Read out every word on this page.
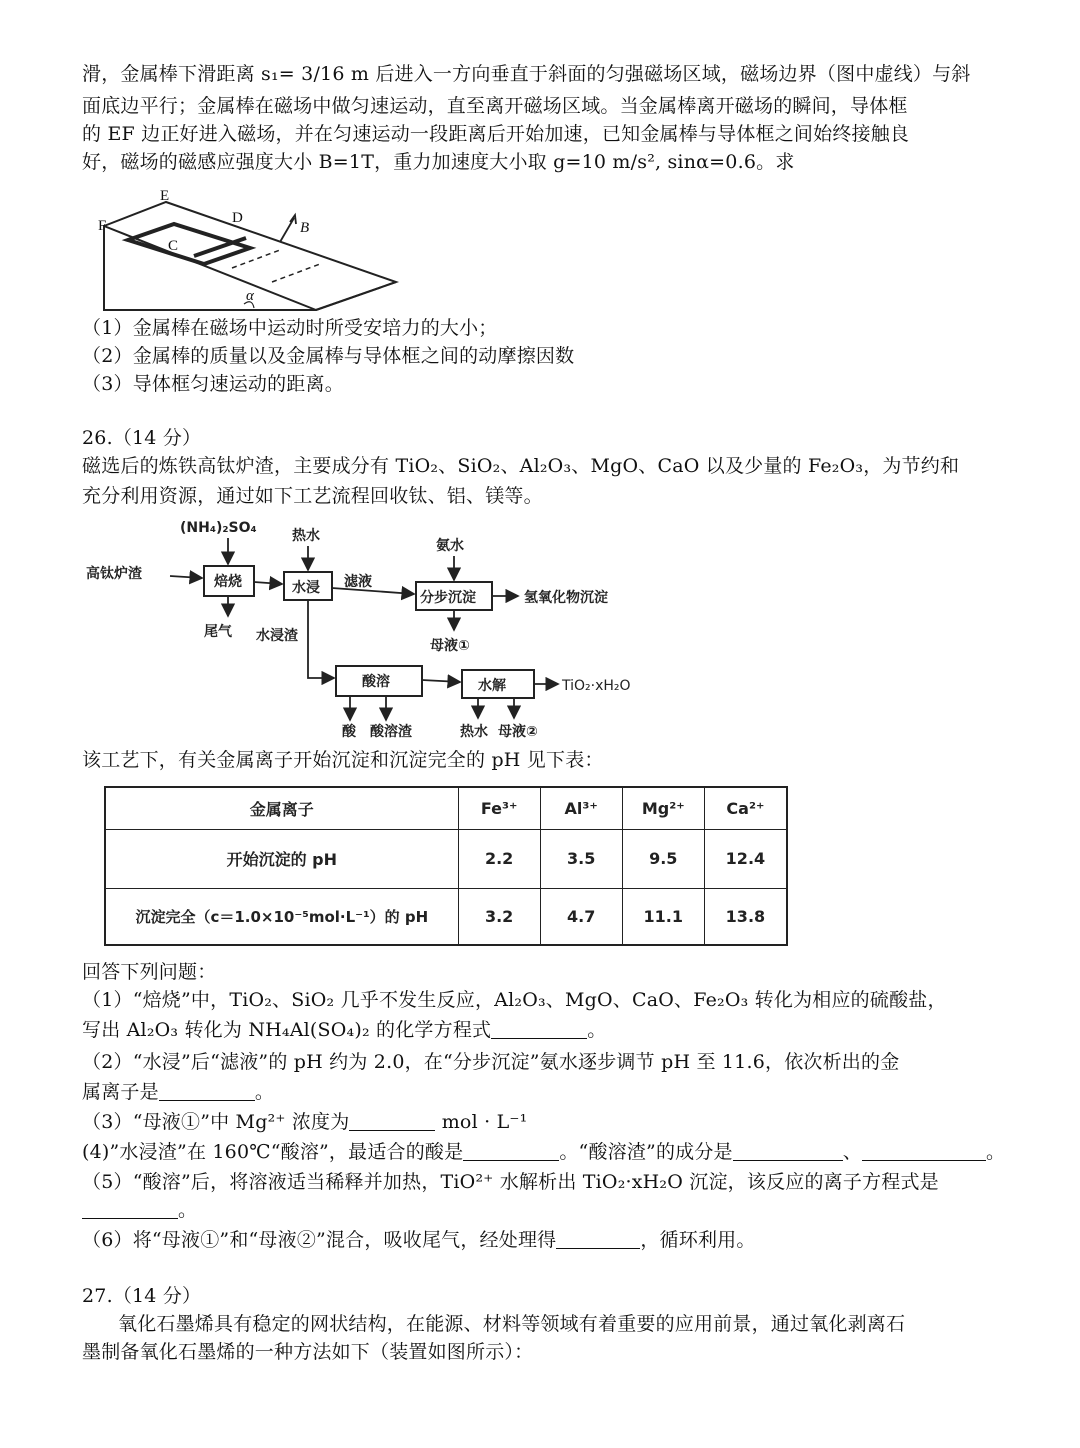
滑，金属棒下滑距离 s₁= 3/16 m 后进入一方向垂直于斜面的匀强磁场区域，磁场边界（图中虚线）与斜
面底边平行；金属棒在磁场中做匀速运动，直至离开磁场区域。当金属棒离开磁场的瞬间，导体框
的 EF 边正好进入磁场，并在匀速运动一段距离后开始加速，已知金属棒与导体框之间始终接触良
好，磁场的磁感应强度大小 B=1T，重力加速度大小取 g=10 m/s², sinα=0.6。求
E
F	D
C
B
α
（1）金属棒在磁场中运动时所受安培力的大小；
（2）金属棒的质量以及金属棒与导体框之间的动摩擦因数
（3）导体框匀速运动的距离。
26.（14 分）
磁选后的炼铁高钛炉渣，主要成分有 TiO₂、SiO₂、Al₂O₃、MgO、CaO 以及少量的 Fe₂O₃，为节约和
充分利用资源，通过如下工艺流程回收钛、铝、镁等。
高钛炉渣
(NH₄)₂SO₄
焙烧
尾气
热水
水浸 滤液
水浸渣
氨水
分步沉淀	氢氧化物沉淀
母液①
酸溶	水解	TiO₂·xH₂O
酸 酸溶渣	热水 母液②
该工艺下，有关金属离子开始沉淀和沉淀完全的 pH 见下表：
金属离子	Fe³⁺	Al³⁺	Mg²⁺	Ca²⁺
开始沉淀的 pH	2.2	3.5	9.5	12.4
沉淀完全（c＝1.0×10⁻⁵mol·L⁻¹）的 pH	3.2	4.7	11.1	13.8
回答下列问题：
（1）“焙烧”中，TiO₂、SiO₂ 几乎不发生反应，Al₂O₃、MgO、CaO、Fe₂O₃ 转化为相应的硫酸盐，
写出 Al₂O₃ 转化为 NH₄Al(SO₄)₂ 的化学方程式	。
（2）“水浸”后“滤液”的 pH 约为 2.0，在“分步沉淀”氨水逐步调节 pH 至 11.6，依次析出的金
属离子是	。
（3）“母液①”中 Mg²⁺ 浓度为	mol · L⁻¹
(4)”水浸渣”在 160℃“酸溶”，最适合的酸是	。“酸溶渣”的成分是	、	。
（5）“酸溶”后，将溶液适当稀释并加热，TiO²⁺ 水解析出 TiO₂·xH₂O 沉淀，该反应的离子方程式是
。
（6）将“母液①”和“母液②”混合，吸收尾气，经处理得	，循环利用。
27.（14 分）
氧化石墨烯具有稳定的网状结构，在能源、材料等领域有着重要的应用前景，通过氧化剥离石
墨制备氧化石墨烯的一种方法如下（装置如图所示）：
